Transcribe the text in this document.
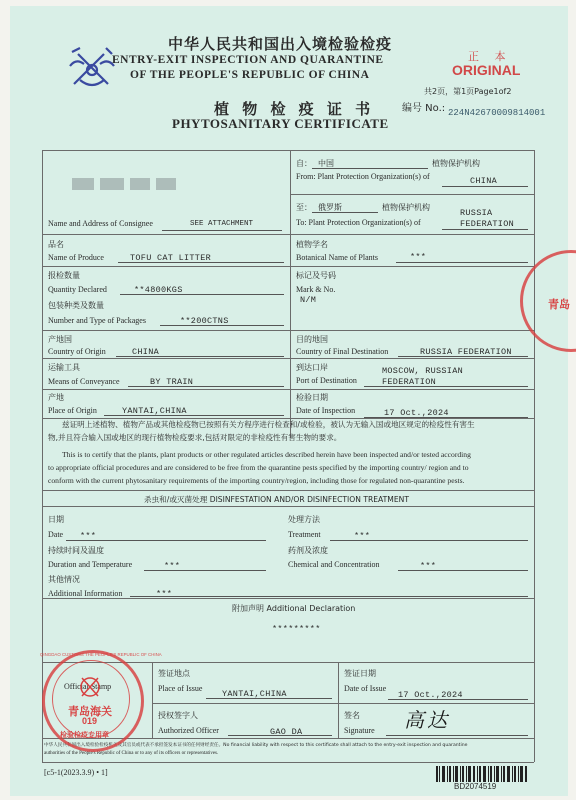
中华人民共和国出入境检验检疫
ENTRY-EXIT INSPECTION AND QUARANTINE
OF THE PEOPLE'S REPUBLIC OF CHINA
正 本
ORIGINAL
植 物 检 疫 证 书
PHYTOSANITARY CERTIFICATE
编号 No.:
共2页，第1页Page1of2
224N42670009814001
自： 中国	植物保护机构
From: Plant Protection Organization(s) of	CHINA
至： 俄罗斯	植物保护机构
To: Plant Protection Organization(s) of
RUSSIA
FEDERATION
Name and Address of Consignee	SEE ATTACHMENT
品名
Name of Produce	TOFU CAT LITTER
植物学名
Botanical Name of Plants	***
报检数量
Quantity Declared	**4800KGS
包装种类及数量
Number and Type of Packages	**200CTNS
标记及号码
Mark & No.
N/M
产地国
Country of Origin	CHINA
目的地国
Country of Final Destination	RUSSIA FEDERATION
运输工具
Means of Conveyance	BY TRAIN
到达口岸
Port of Destination
MOSCOW, RUSSIAN
FEDERATION
产地
Place of Origin	YANTAI,CHINA
检验日期
Date of Inspection	17 Oct.,2024
兹证明上述植物、植物产品或其他检疫物已按照有关方程序进行检查和/或检验，被认为无输入国或地区规定的检疫性有害生
物,并且符合输入国或地区的现行植物检疫要求,包括对限定的非检疫性有害生物的要求。
This is to certify that the plants, plant products or other regulated articles described herein have been inspected and/or tested according
to appropriate official procedures and are considered to be free from the quarantine pests specified by the importing country/ region and to
conform with the current phytosanitary requirements of the importing country/region, including those for regulated non-quarantine pests.
杀虫和/或灭菌处理 DISINFESTATION AND/OR DISINFECTION TREATMENT
日期
Date ***
处理方法
Treatment	***
持续时间及温度
Duration and Temperature	***
药剂及浓度
Chemical and Concentration	***
其他情况
Additional Information	***
附加声明 Additional Declaration
*********
Official Stamp
签证地点
Place of Issue
YANTAI,CHINA
签证日期
Date of Issue
17 Oct.,2024
授权签字人
Authorized Officer	GAO DA
签名
Signature 高达
中华人民共和国出入境检验检疫机关及其官员或代表不承担签发本证书的任何财经责任。No financial liability with respect to this certificate shall attach to the entry-exit inspection and quarantine
authorities of the People's Republic of China or to any of its officers or representatives.
[c5-1(2023.3.9) • 1]
BD2074519
QINGDAO CUSTOMS THE PEOPLE'S REPUBLIC OF CHINA
青岛海关
019
检验检疫专用章
青岛
